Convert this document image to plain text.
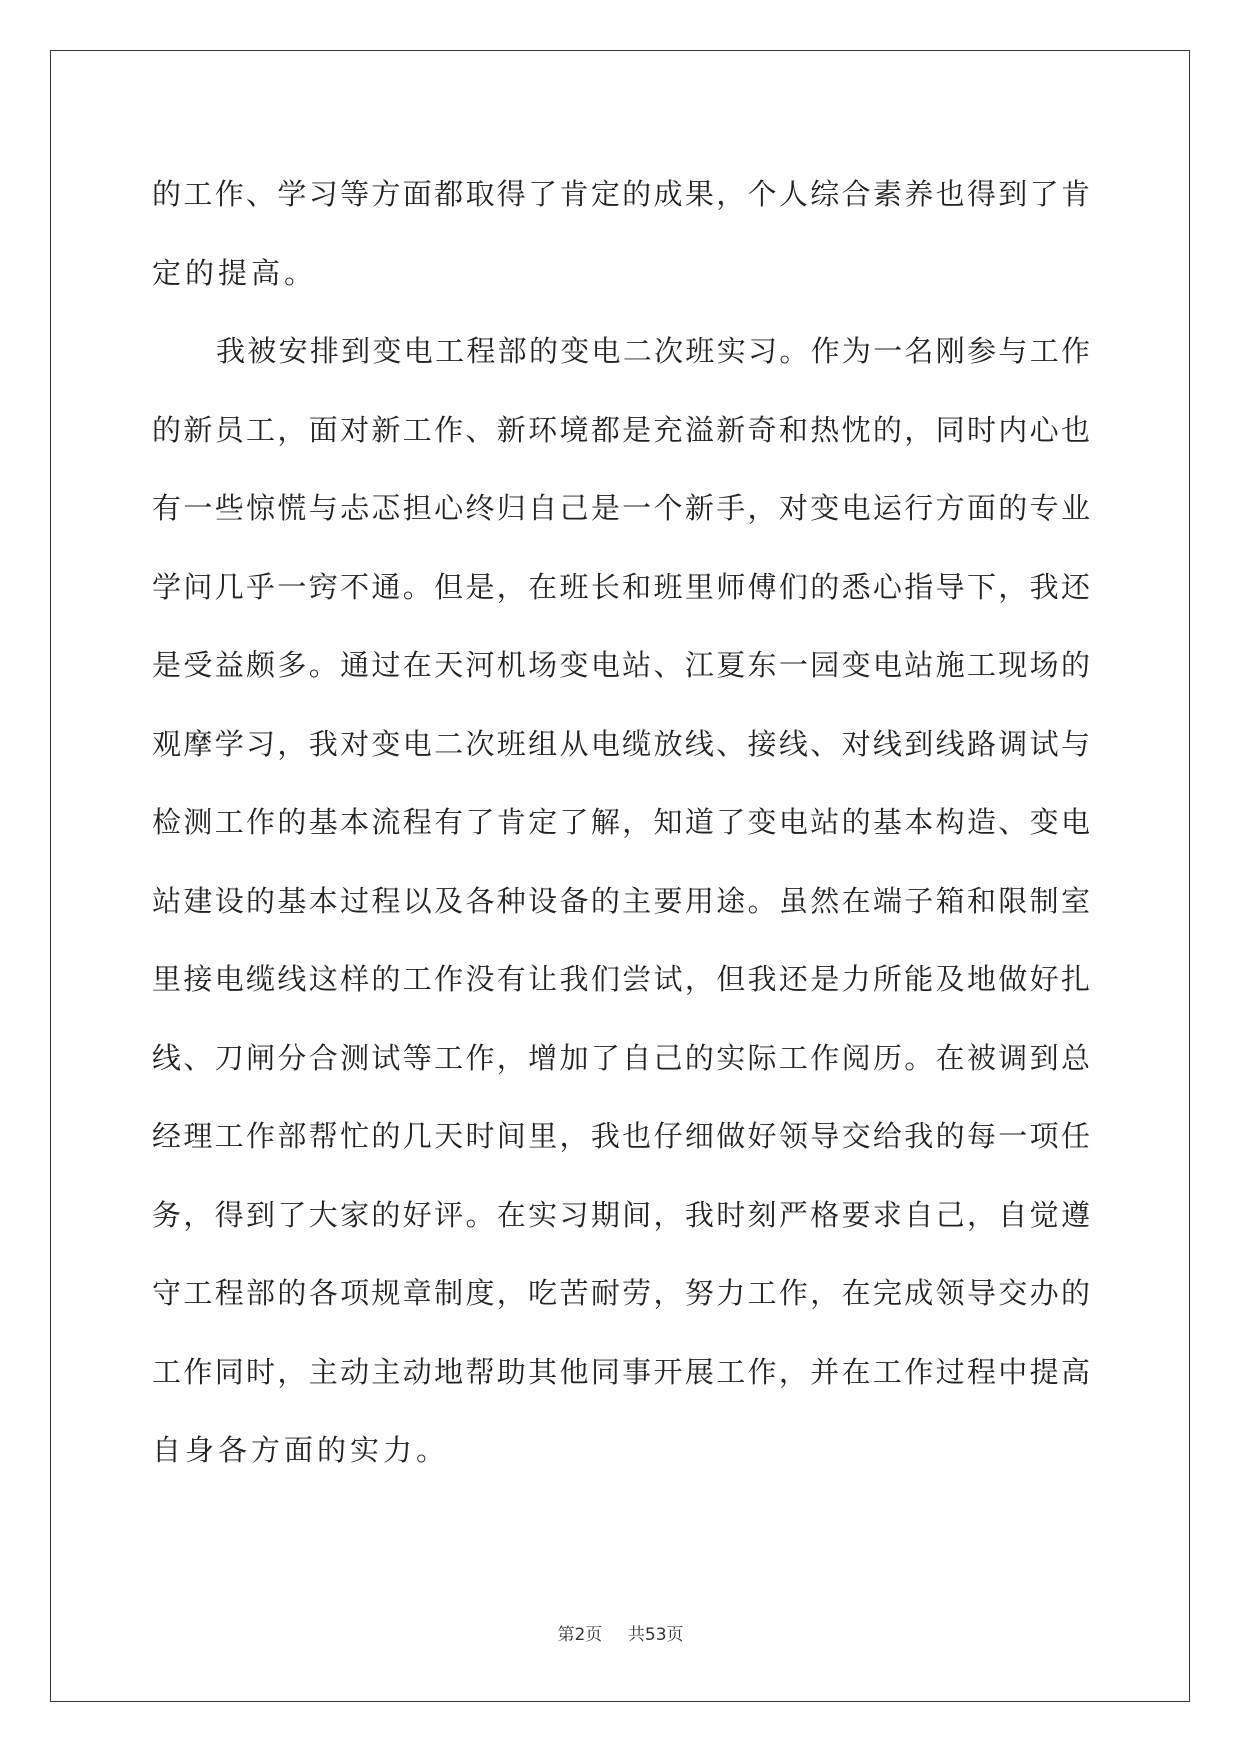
的工作、学习等方面都取得了肯定的成果，个人综合素养也得到了肯
定的提高。
我被安排到变电工程部的变电二次班实习。作为一名刚参与工作
的新员工，面对新工作、新环境都是充溢新奇和热忱的，同时内心也
有一些惊慌与忐忑担心终归自己是一个新手，对变电运行方面的专业
学问几乎一窍不通。但是，在班长和班里师傅们的悉心指导下，我还
是受益颇多。通过在天河机场变电站、江夏东一园变电站施工现场的
观摩学习，我对变电二次班组从电缆放线、接线、对线到线路调试与
检测工作的基本流程有了肯定了解，知道了变电站的基本构造、变电
站建设的基本过程以及各种设备的主要用途。虽然在端子箱和限制室
里接电缆线这样的工作没有让我们尝试，但我还是力所能及地做好扎
线、刀闸分合测试等工作，增加了自己的实际工作阅历。在被调到总
经理工作部帮忙的几天时间里，我也仔细做好领导交给我的每一项任
务，得到了大家的好评。在实习期间，我时刻严格要求自己，自觉遵
守工程部的各项规章制度，吃苦耐劳，努力工作，在完成领导交办的
工作同时，主动主动地帮助其他同事开展工作，并在工作过程中提高
自身各方面的实力。
第2页 共53页
